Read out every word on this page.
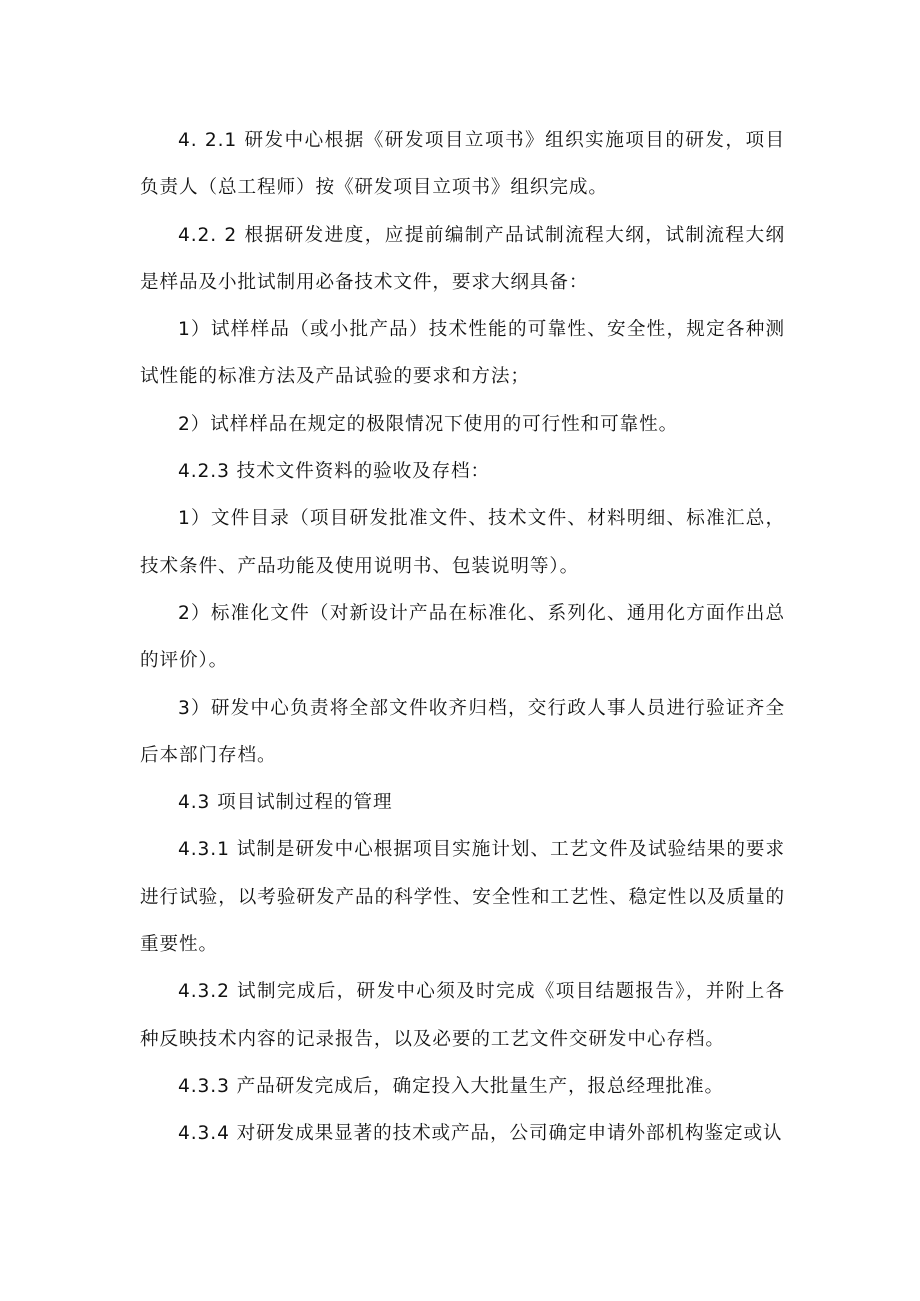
4. 2.1 研发中心根据《研发项目立项书》组织实施项目的研发，项目负责人（总工程师）按《研发项目立项书》组织完成。

4.2. 2 根据研发进度，应提前编制产品试制流程大纲，试制流程大纲是样品及小批试制用必备技术文件，要求大纲具备：

1）试样样品（或小批产品）技术性能的可靠性、安全性，规定各种测试性能的标准方法及产品试验的要求和方法；

2）试样样品在规定的极限情况下使用的可行性和可靠性。

4.2.3 技术文件资料的验收及存档：

1）文件目录（项目研发批准文件、技术文件、材料明细、标准汇总，技术条件、产品功能及使用说明书、包装说明等）。

2）标准化文件（对新设计产品在标准化、系列化、通用化方面作出总的评价）。

3）研发中心负责将全部文件收齐归档，交行政人事人员进行验证齐全后本部门存档。

4.3 项目试制过程的管理

4.3.1 试制是研发中心根据项目实施计划、工艺文件及试验结果的要求进行试验，以考验研发产品的科学性、安全性和工艺性、稳定性以及质量的重要性。

4.3.2 试制完成后，研发中心须及时完成《项目结题报告》，并附上各种反映技术内容的记录报告，以及必要的工艺文件交研发中心存档。

4.3.3 产品研发完成后，确定投入大批量生产，报总经理批准。

4.3.4 对研发成果显著的技术或产品，公司确定申请外部机构鉴定或认
